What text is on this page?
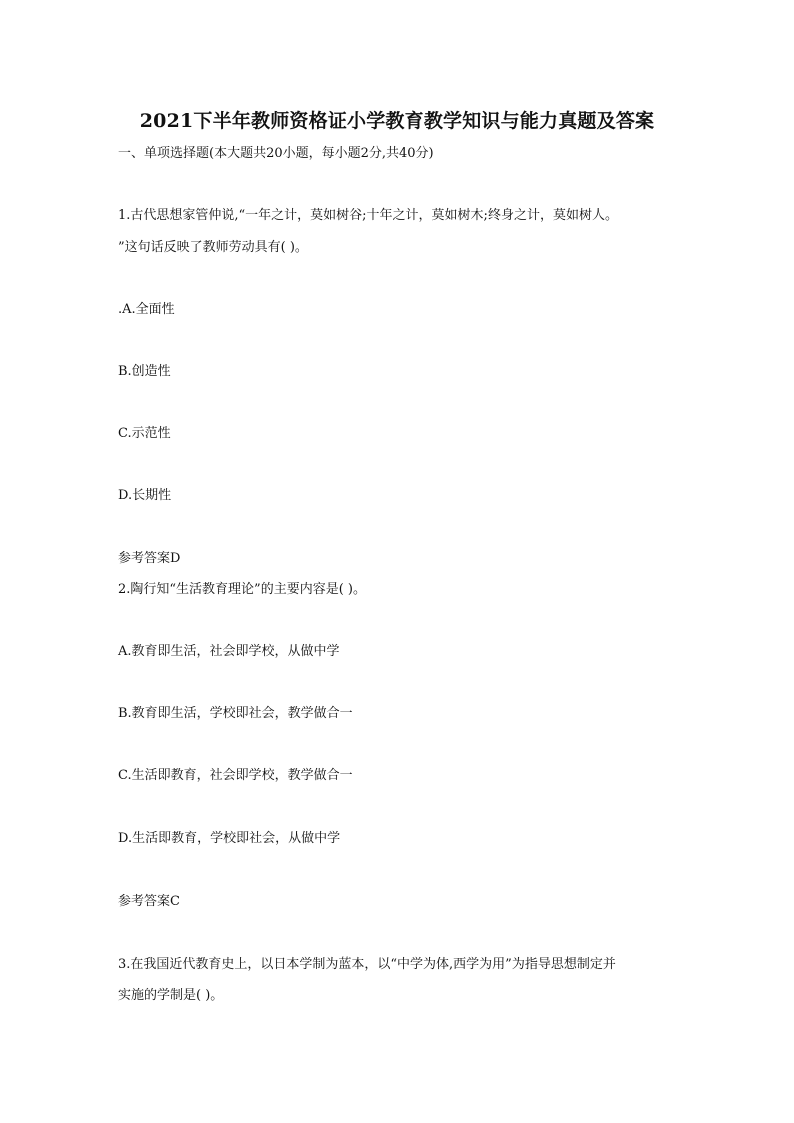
2021下半年教师资格证小学教育教学知识与能力真题及答案
一、单项选择题(本大题共20小题，每小题2分,共40分)
1.古代思想家管仲说,“一年之计，莫如树谷;十年之计，莫如树木;终身之计，莫如树人。
”这句话反映了教师劳动具有( )。
.A.全面性
B.创造性
C.示范性
D.长期性
参考答案D
2.陶行知“生活教育理论”的主要内容是( )。
A.教育即生活，社会即学校，从做中学
B.教育即生活，学校即社会，教学做合一
C.生活即教育，社会即学校，教学做合一
D.生活即教育，学校即社会，从做中学
参考答案C
3.在我国近代教育史上，以日本学制为蓝本，以“中学为体,西学为用”为指导思想制定并
实施的学制是( )。
